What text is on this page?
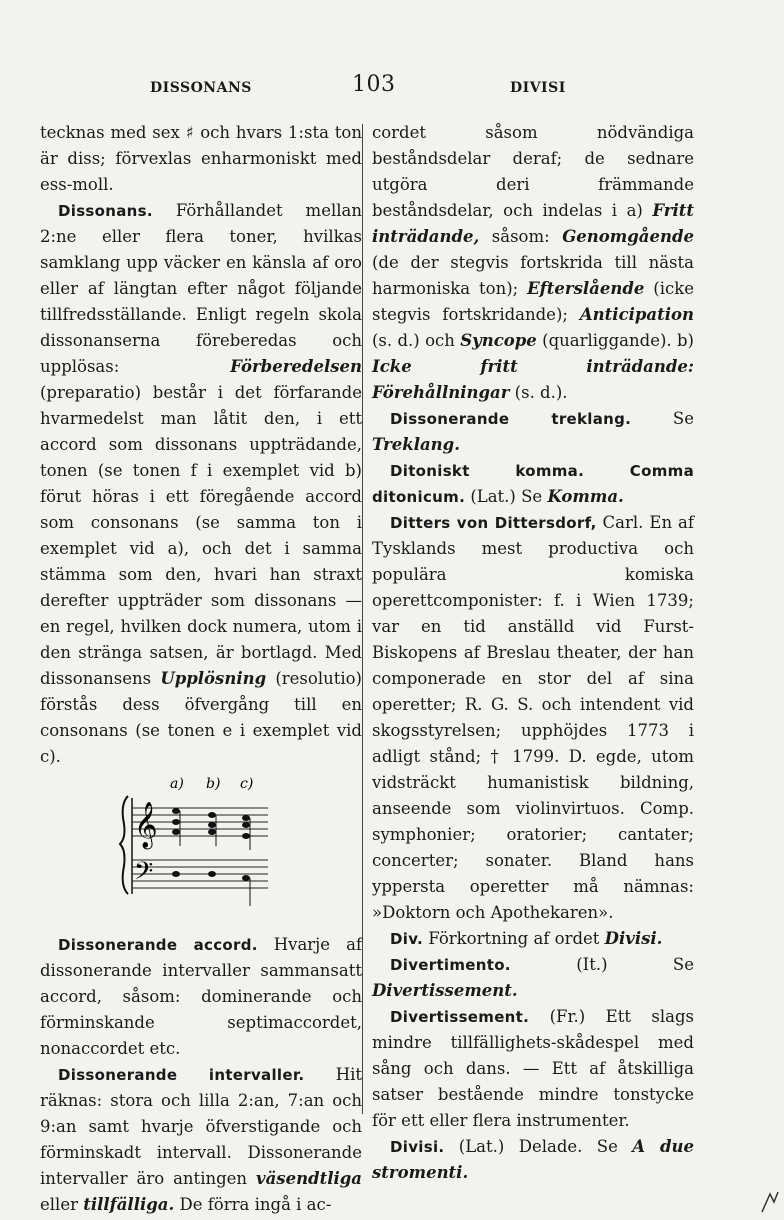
DISSONANS	103	DIVISI

tecknas med sex ♯ och hvars 1:sta ton är diss; förvexlas enharmoniskt med ess-moll.

Dissonans. Förhållandet mellan 2:ne eller flera toner, hvilkas samklang upp väcker en känsla af oro eller af längtan efter något följande tillfredsställande. Enligt regeln skola dissonanserna föreberedas och upplösas: Förberedelsen (preparatio) består i det förfarande hvarmedelst man låtit den, i ett accord som dissonans uppträdande, tonen (se tonen f i exemplet vid b) förut höras i ett föregående accord som consonans (se samma ton i exemplet vid a), och det i samma stämma som den, hvari han straxt derefter uppträder som dissonans — en regel, hvilken dock numera, utom i den stränga satsen, är bortlagd. Med dissonansens Upplösning (resolutio) förstås dess öfvergång till en consonans (se tonen e i exemplet vid c).

a) b) c)
𝄞
𝄢

Dissonerande accord. Hvarje af dissonerande intervaller sammansatt accord, såsom: dominerande och förminskande septimaccordet, nonaccordet etc.

Dissonerande intervaller. Hit räknas: stora och lilla 2:an, 7:an och 9:an samt hvarje öfverstigande och förminskadt intervall. Dissonerande intervaller äro antingen väsendtliga eller tillfälliga. De förra ingå i ac-

cordet såsom nödvändiga beståndsdelar deraf; de sednare utgöra deri främmande beståndsdelar, och indelas i a) Fritt inträdande, såsom: Genomgående (de der stegvis fortskrida till nästa harmoniska ton); Efterslående (icke stegvis fortskridande); Anticipation (s. d.) och Syncope (quarliggande). b) Icke fritt inträdande: Förehållningar (s. d.).

Dissonerande treklang. Se Treklang.

Ditoniskt komma. Comma ditonicum. (Lat.) Se Komma.

Ditters von Dittersdorf, Carl. En af Tysklands mest productiva och populära komiska operettcomponister: f. i Wien 1739; var en tid anställd vid Furst-Biskopens af Breslau theater, der han componerade en stor del af sina operetter; R. G. S. och intendent vid skogsstyrelsen; upphöjdes 1773 i adligt stånd; † 1799. D. egde, utom vidsträckt humanistisk bildning, anseende som violinvirtuos. Comp. symphonier; oratorier; cantater; concerter; sonater. Bland hans yppersta operetter må nämnas: »Doktorn och Apothekaren».

Div. Förkortning af ordet Divisi.

Divertimento. (It.) Se Divertissement.

Divertissement. (Fr.) Ett slags mindre tillfällighets-skådespel med sång och dans. — Ett af åtskilliga satser bestående mindre tonstycke för ett eller flera instrumenter.

Divisi. (Lat.) Delade. Se A due stromenti.
